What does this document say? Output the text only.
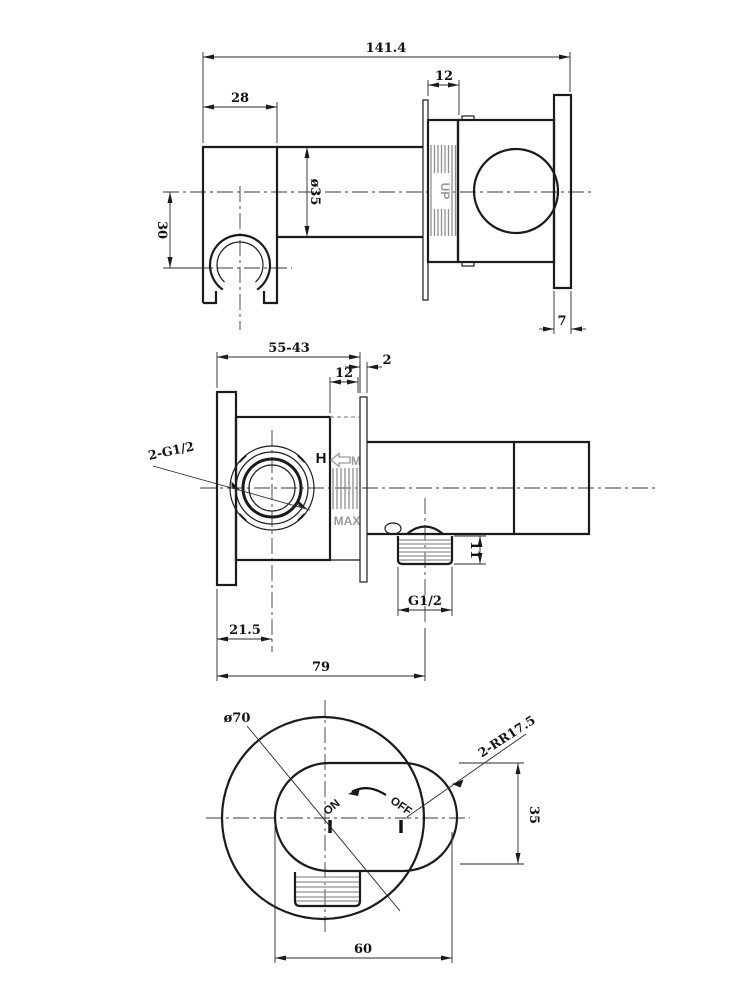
UP
141.4
28
12
30
ø35
7
H M
MAX
2-G1/2
55-43
12
2
11
G1/2
21.5
79
ON	OFF
ø70	2-RR17.5
35
60
